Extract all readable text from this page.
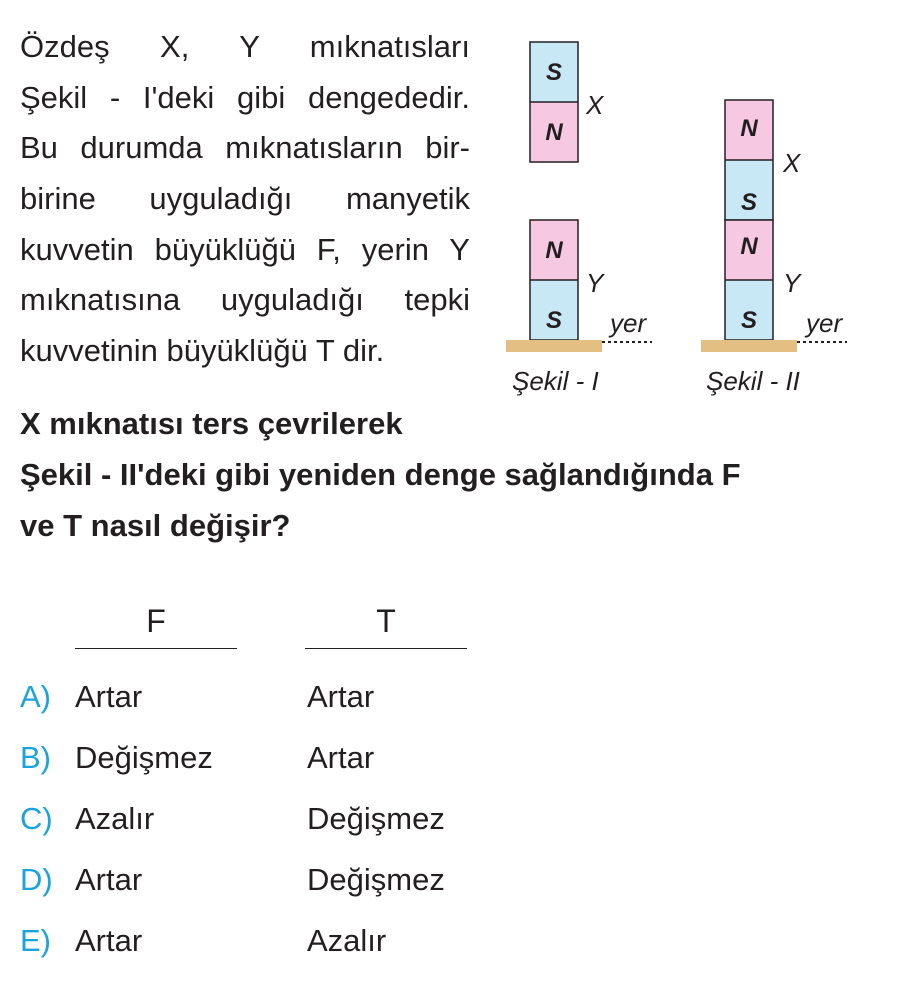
Özdeş X, Y mıknatısları
Şekil - I'deki gibi dengededir.
Bu durumda mıknatısların bir-
birine uyguladığı manyetik
kuvvetin büyüklüğü F, yerin Y
mıknatısına uyguladığı tepki
kuvvetinin büyüklüğü T dir.
S
N
X
N
S
Y
yer
Şekil - I
N
S
X
N
S
Y
yer
Şekil - II
X mıknatısı ters çevrilerek
Şekil - II'deki gibi yeniden denge sağlandığında F
ve T nasıl değişir?
F	T
A) Artar	Artar
B) Değişmez	Artar
C) Azalır	Değişmez
D) Artar	Değişmez
E) Artar	Azalır
